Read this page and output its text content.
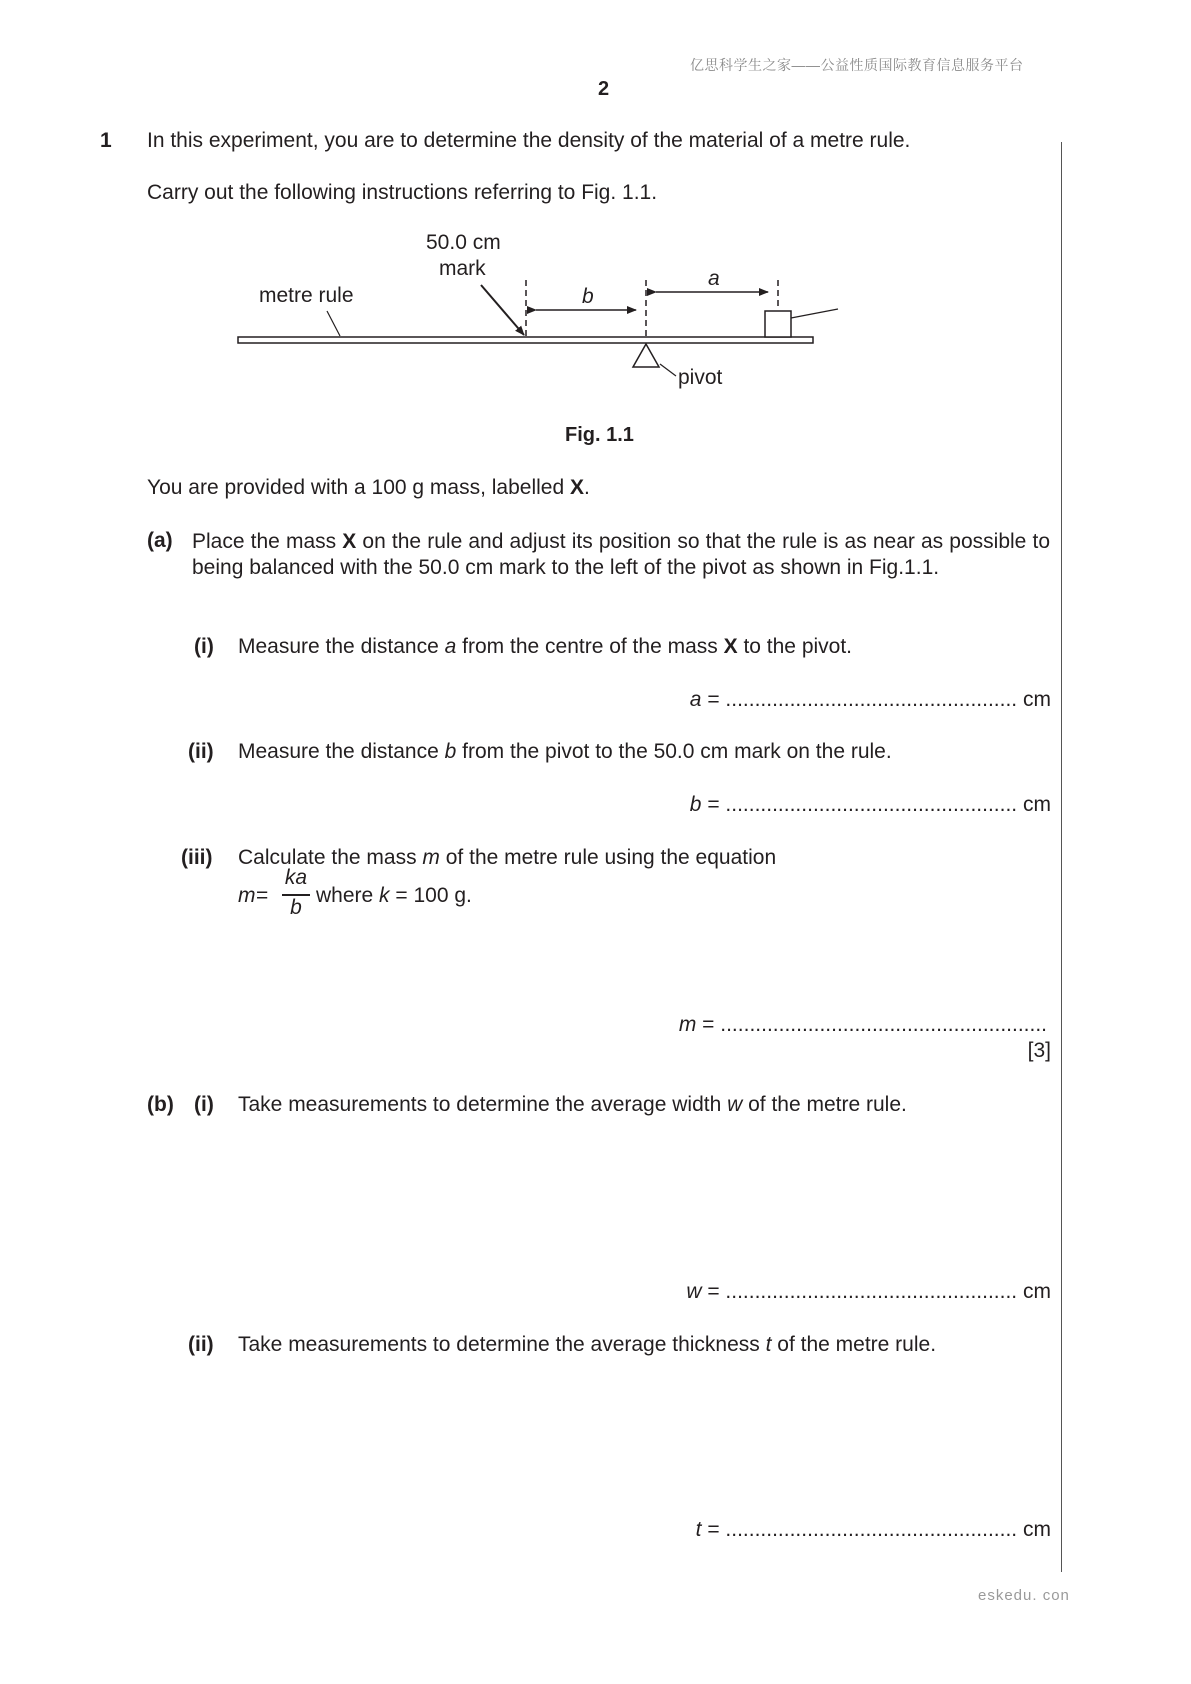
亿思科学生之家——公益性质国际教育信息服务平台
2
1 In this experiment, you are to determine the density of the material of a metre rule.
Carry out the following instructions referring to Fig. 1.1.
50.0 cm
mark
metre rule	b
a
pivot
Fig. 1.1
You are provided with a 100 g mass, labelled X.
(a) Place the mass X on the rule and adjust its position so that the rule is as near as possible to being balanced with the 50.0 cm mark to the left of the pivot as shown in Fig.1.1.
(i) Measure the distance a from the centre of the mass X to the pivot.
a = .................................................. cm
(ii) Measure the distance b from the pivot to the 50.0 cm mark on the rule.
b = .................................................. cm
(iii) Calculate the mass m of the metre rule using the equation
m =
ka
b
where k = 100 g.
m = ........................................................
[3]
(b) (i) Take measurements to determine the average width w of the metre rule.
w = .................................................. cm
(ii) Take measurements to determine the average thickness t of the metre rule.
t = .................................................. cm
eskedu. con
